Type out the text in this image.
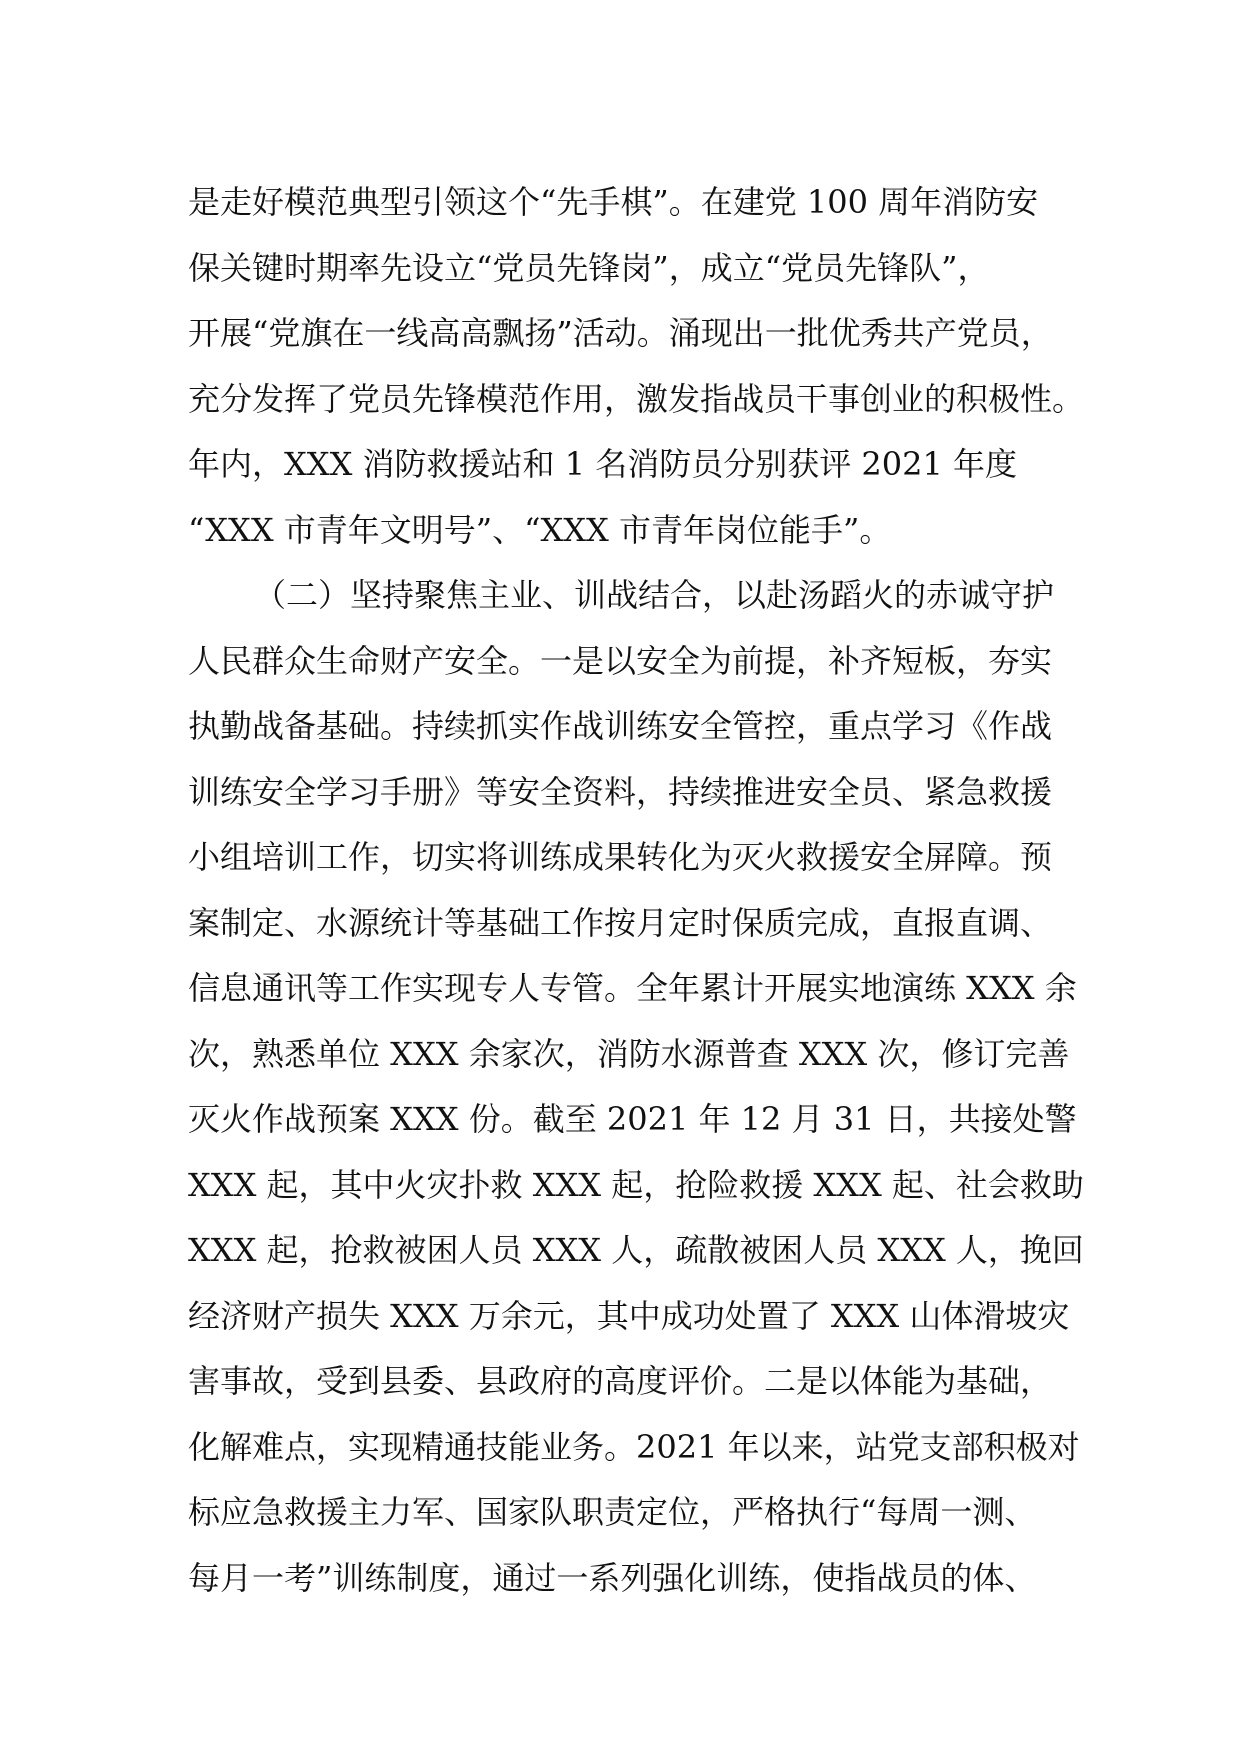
是走好模范典型引领这个“先手棋”。在建党 100 周年消防安
保关键时期率先设立“党员先锋岗”，成立“党员先锋队”，
开展“党旗在一线高高飘扬”活动。涌现出一批优秀共产党员，
充分发挥了党员先锋模范作用，激发指战员干事创业的积极性。
年内，XXX 消防救援站和 1 名消防员分别获评 2021 年度
“XXX 市青年文明号”、“XXX 市青年岗位能手”。
（二）坚持聚焦主业、训战结合，以赴汤蹈火的赤诚守护
人民群众生命财产安全。一是以安全为前提，补齐短板，夯实
执勤战备基础。持续抓实作战训练安全管控，重点学习《作战
训练安全学习手册》等安全资料，持续推进安全员、紧急救援
小组培训工作，切实将训练成果转化为灭火救援安全屏障。预
案制定、水源统计等基础工作按月定时保质完成，直报直调、
信息通讯等工作实现专人专管。全年累计开展实地演练 XXX 余
次，熟悉单位 XXX 余家次，消防水源普查 XXX 次，修订完善
灭火作战预案 XXX 份。截至 2021 年 12 月 31 日，共接处警
XXX 起，其中火灾扑救 XXX 起，抢险救援 XXX 起、社会救助
XXX 起，抢救被困人员 XXX 人，疏散被困人员 XXX 人，挽回
经济财产损失 XXX 万余元，其中成功处置了 XXX 山体滑坡灾
害事故，受到县委、县政府的高度评价。二是以体能为基础，
化解难点，实现精通技能业务。2021 年以来，站党支部积极对
标应急救援主力军、国家队职责定位，严格执行“每周一测、
每月一考”训练制度，通过一系列强化训练，使指战员的体、
